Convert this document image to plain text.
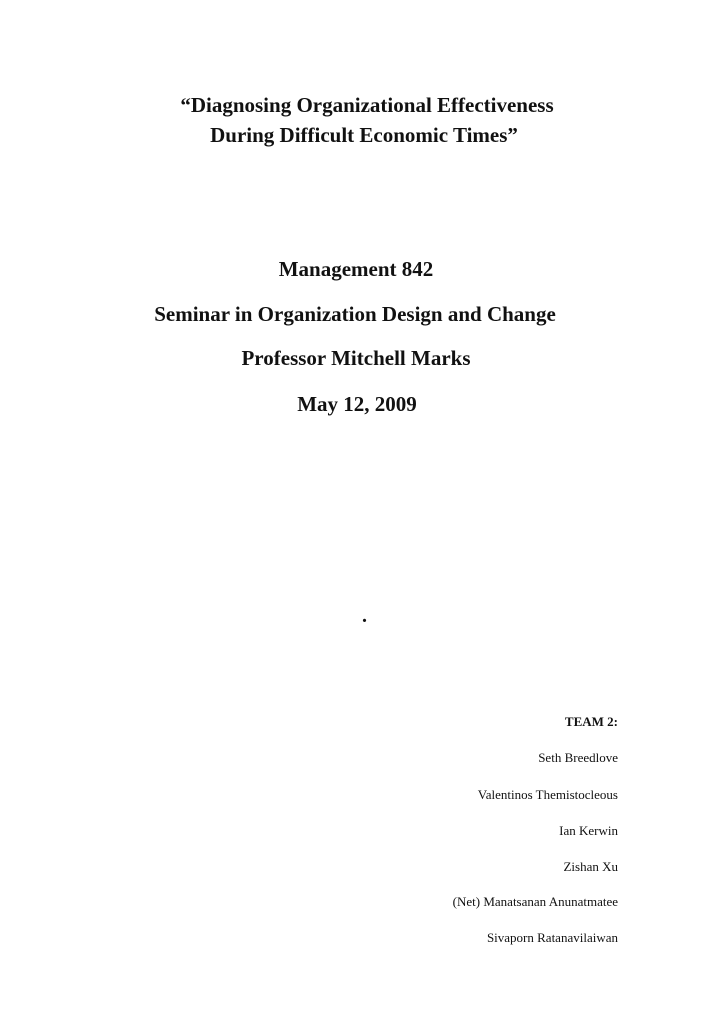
“Diagnosing Organizational Effectiveness
During Difficult Economic Times”
Management 842
Seminar in Organization Design and Change
Professor Mitchell Marks
May 12, 2009
.
TEAM 2:
Seth Breedlove
Valentinos Themistocleous
Ian Kerwin
Zishan Xu
(Net) Manatsanan Anunatmatee
Sivaporn Ratanavilaiwan
